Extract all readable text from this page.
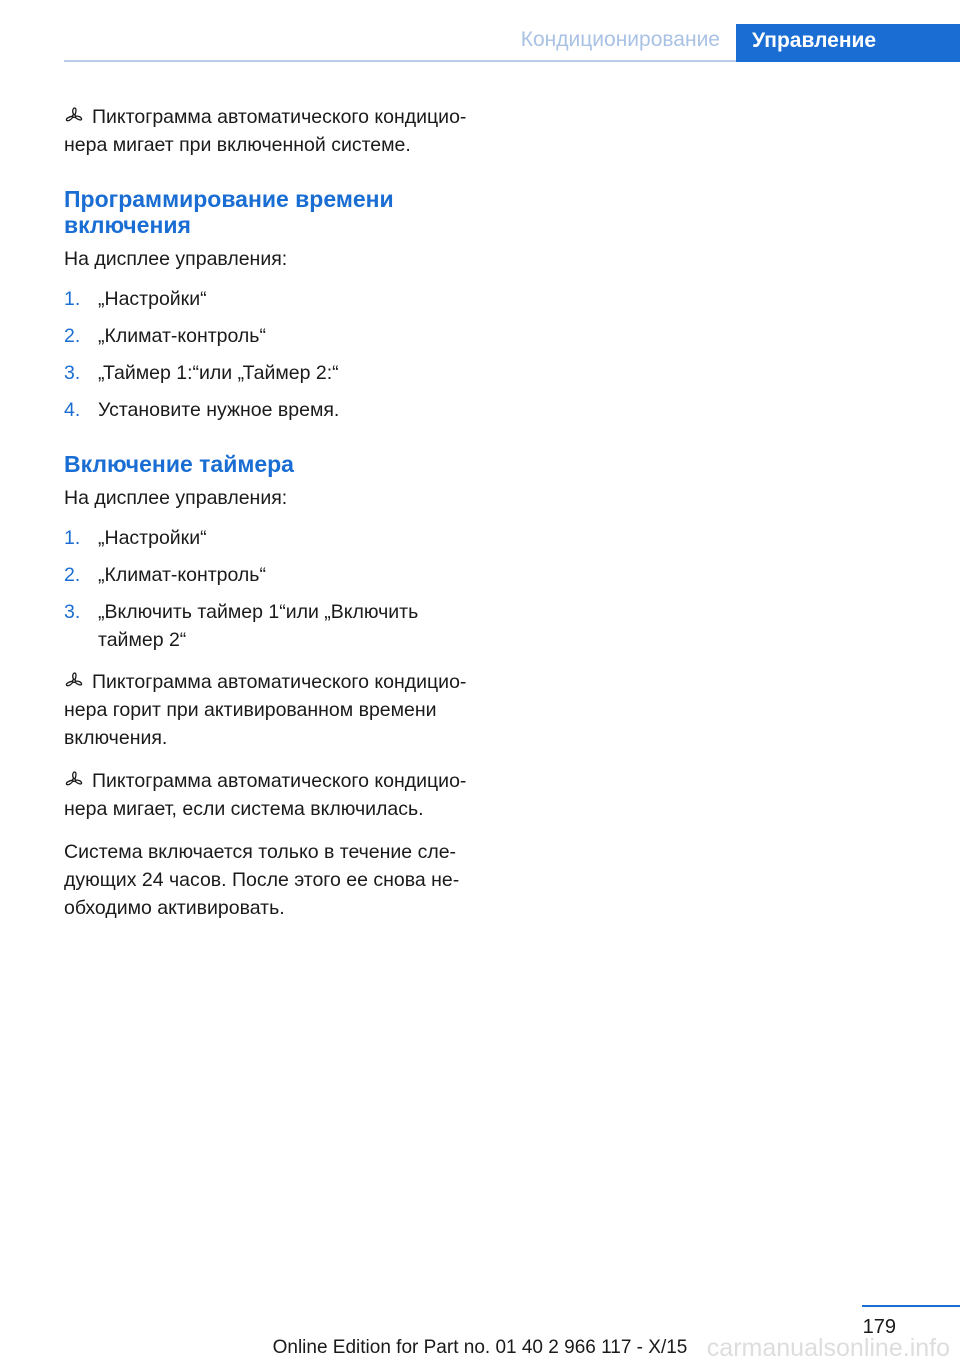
Кондиционирование	Управление

Пиктограмма автоматического кондиционера мигает при включенной системе.

Программирование времени включения

На дисплее управления:

1. „Настройки“
2. „Климат-контроль“
3. „Таймер 1:“или „Таймер 2:“
4. Установите нужное время.
Включение таймера

На дисплее управления:

1. „Настройки“
2. „Климат-контроль“
3. „Включить таймер 1“или „Включить таймер 2“

Пиктограмма автоматического кондиционера горит при активированном времени включения.

Пиктограмма автоматического кондиционера мигает, если система включилась.

Система включается только в течение следующих 24 часов. После этого ее снова необходимо активировать.

179
carmanualsonline.info
Online Edition for Part no. 01 40 2 966 117 - X/15
